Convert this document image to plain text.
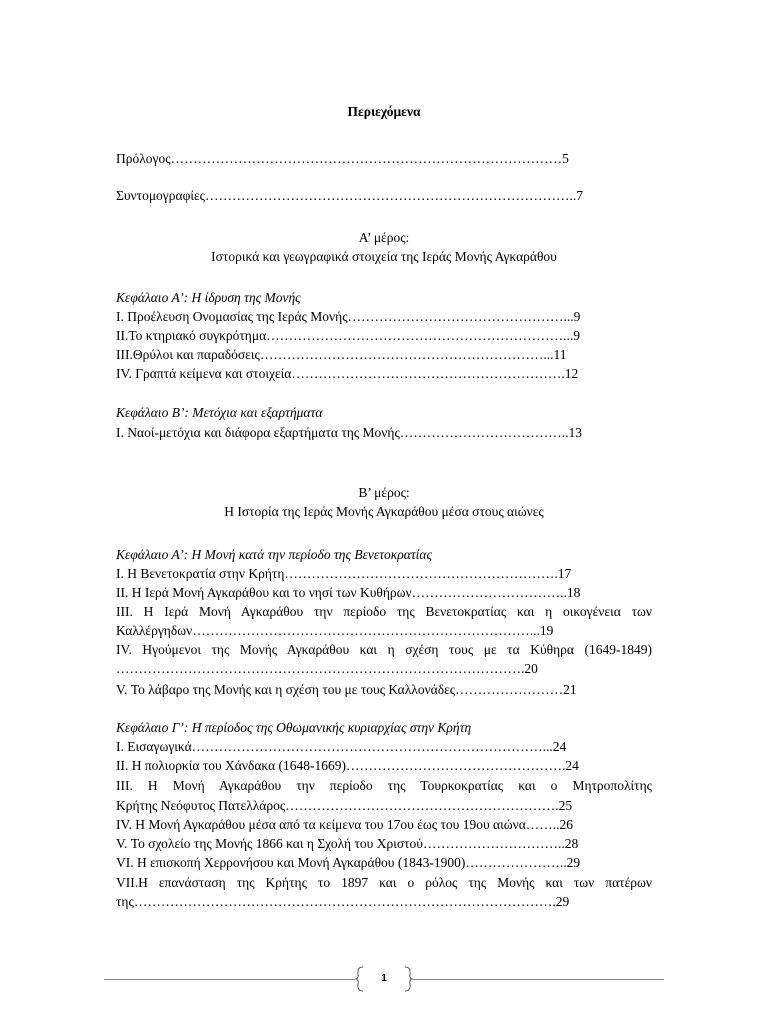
Περιεχόμενα
Πρόλογος……………………………………………………………………………5
Συντομογραφίες………………………………………………………………………..7
Α’ μέρος:
Ιστορικά και γεωγραφικά στοιχεία της Ιεράς Μονής Αγκαράθου
Κεφάλαιο Α’: Η ίδρυση της Μονής
Ι. Προέλευση Ονομασίας της Ιεράς Μονής…………………………………………...9
ΙΙ.Το κτηριακό συγκρότημα…………………………………………………………...9
ΙΙΙ.Θρύλοι και παραδόσεις………………………………………………………...11
IV. Γραπτά κείμενα και στοιχεία…………………………………………………….12
Κεφάλαιο Β’: Μετόχια και εξαρτήματα
Ι. Ναοί-μετόχια και διάφορα εξαρτήματα της Μονής………………………………..13
Β’ μέρος:
Η Ιστορία της Ιεράς Μονής Αγκαράθου μέσα στους αιώνες
Κεφάλαιο Α’: Η Μονή κατά την περίοδο της Βενετοκρατίας
Ι. Η Βενετοκρατία στην Κρήτη…………………………………………………….17
ΙΙ. Η Ιερά Μονή Αγκαράθου και το νησί των Κυθήρων……………………………..18
ΙΙΙ. Η Ιερά Μονή Αγκαράθου την περίοδο της Βενετοκρατίας και η οικογένεια των
Καλλέργηδων…………………………………………………………………...19
IV. Ηγούμενοι της Μονής Αγκαράθου και η σχέση τους με τα Κύθηρα (1649-1849)
……………………………………………………………………………….20
V. Το λάβαρο της Μονής και η σχέση του με τους Καλλονάδες……………………21
Κεφάλαιο Γ’: Η περίοδος της Οθωμανικής κυριαρχίας στην Κρήτη
Ι. Εισαγωγικά……………………………………………………………………...24
ΙΙ. Η πολιορκία του Χάνδακα (1648-1669)………………………………………….24
ΙΙΙ. Η Μονή Αγκαράθου την περίοδο της Τουρκοκρατίας και ο Μητροπολίτης
Κρήτης Νεόφυτος Πατελλάρος…………………………………………………….25
IV. Η Μονή Αγκαράθου μέσα από τα κείμενα του 17ου έως του 19ου αιώνα……..26
V. Το σχολείο της Μονής 1866 και η Σχολή του Χριστού…………………………..28
VI. Η επισκοπή Χερρονήσου και Μονή Αγκαράθου (1843-1900)…………………..29
VII.Η επανάσταση της Κρήτης το 1897 και ο ρόλος της Μονής και των πατέρων
της………………………………………………………………………………….29
1
